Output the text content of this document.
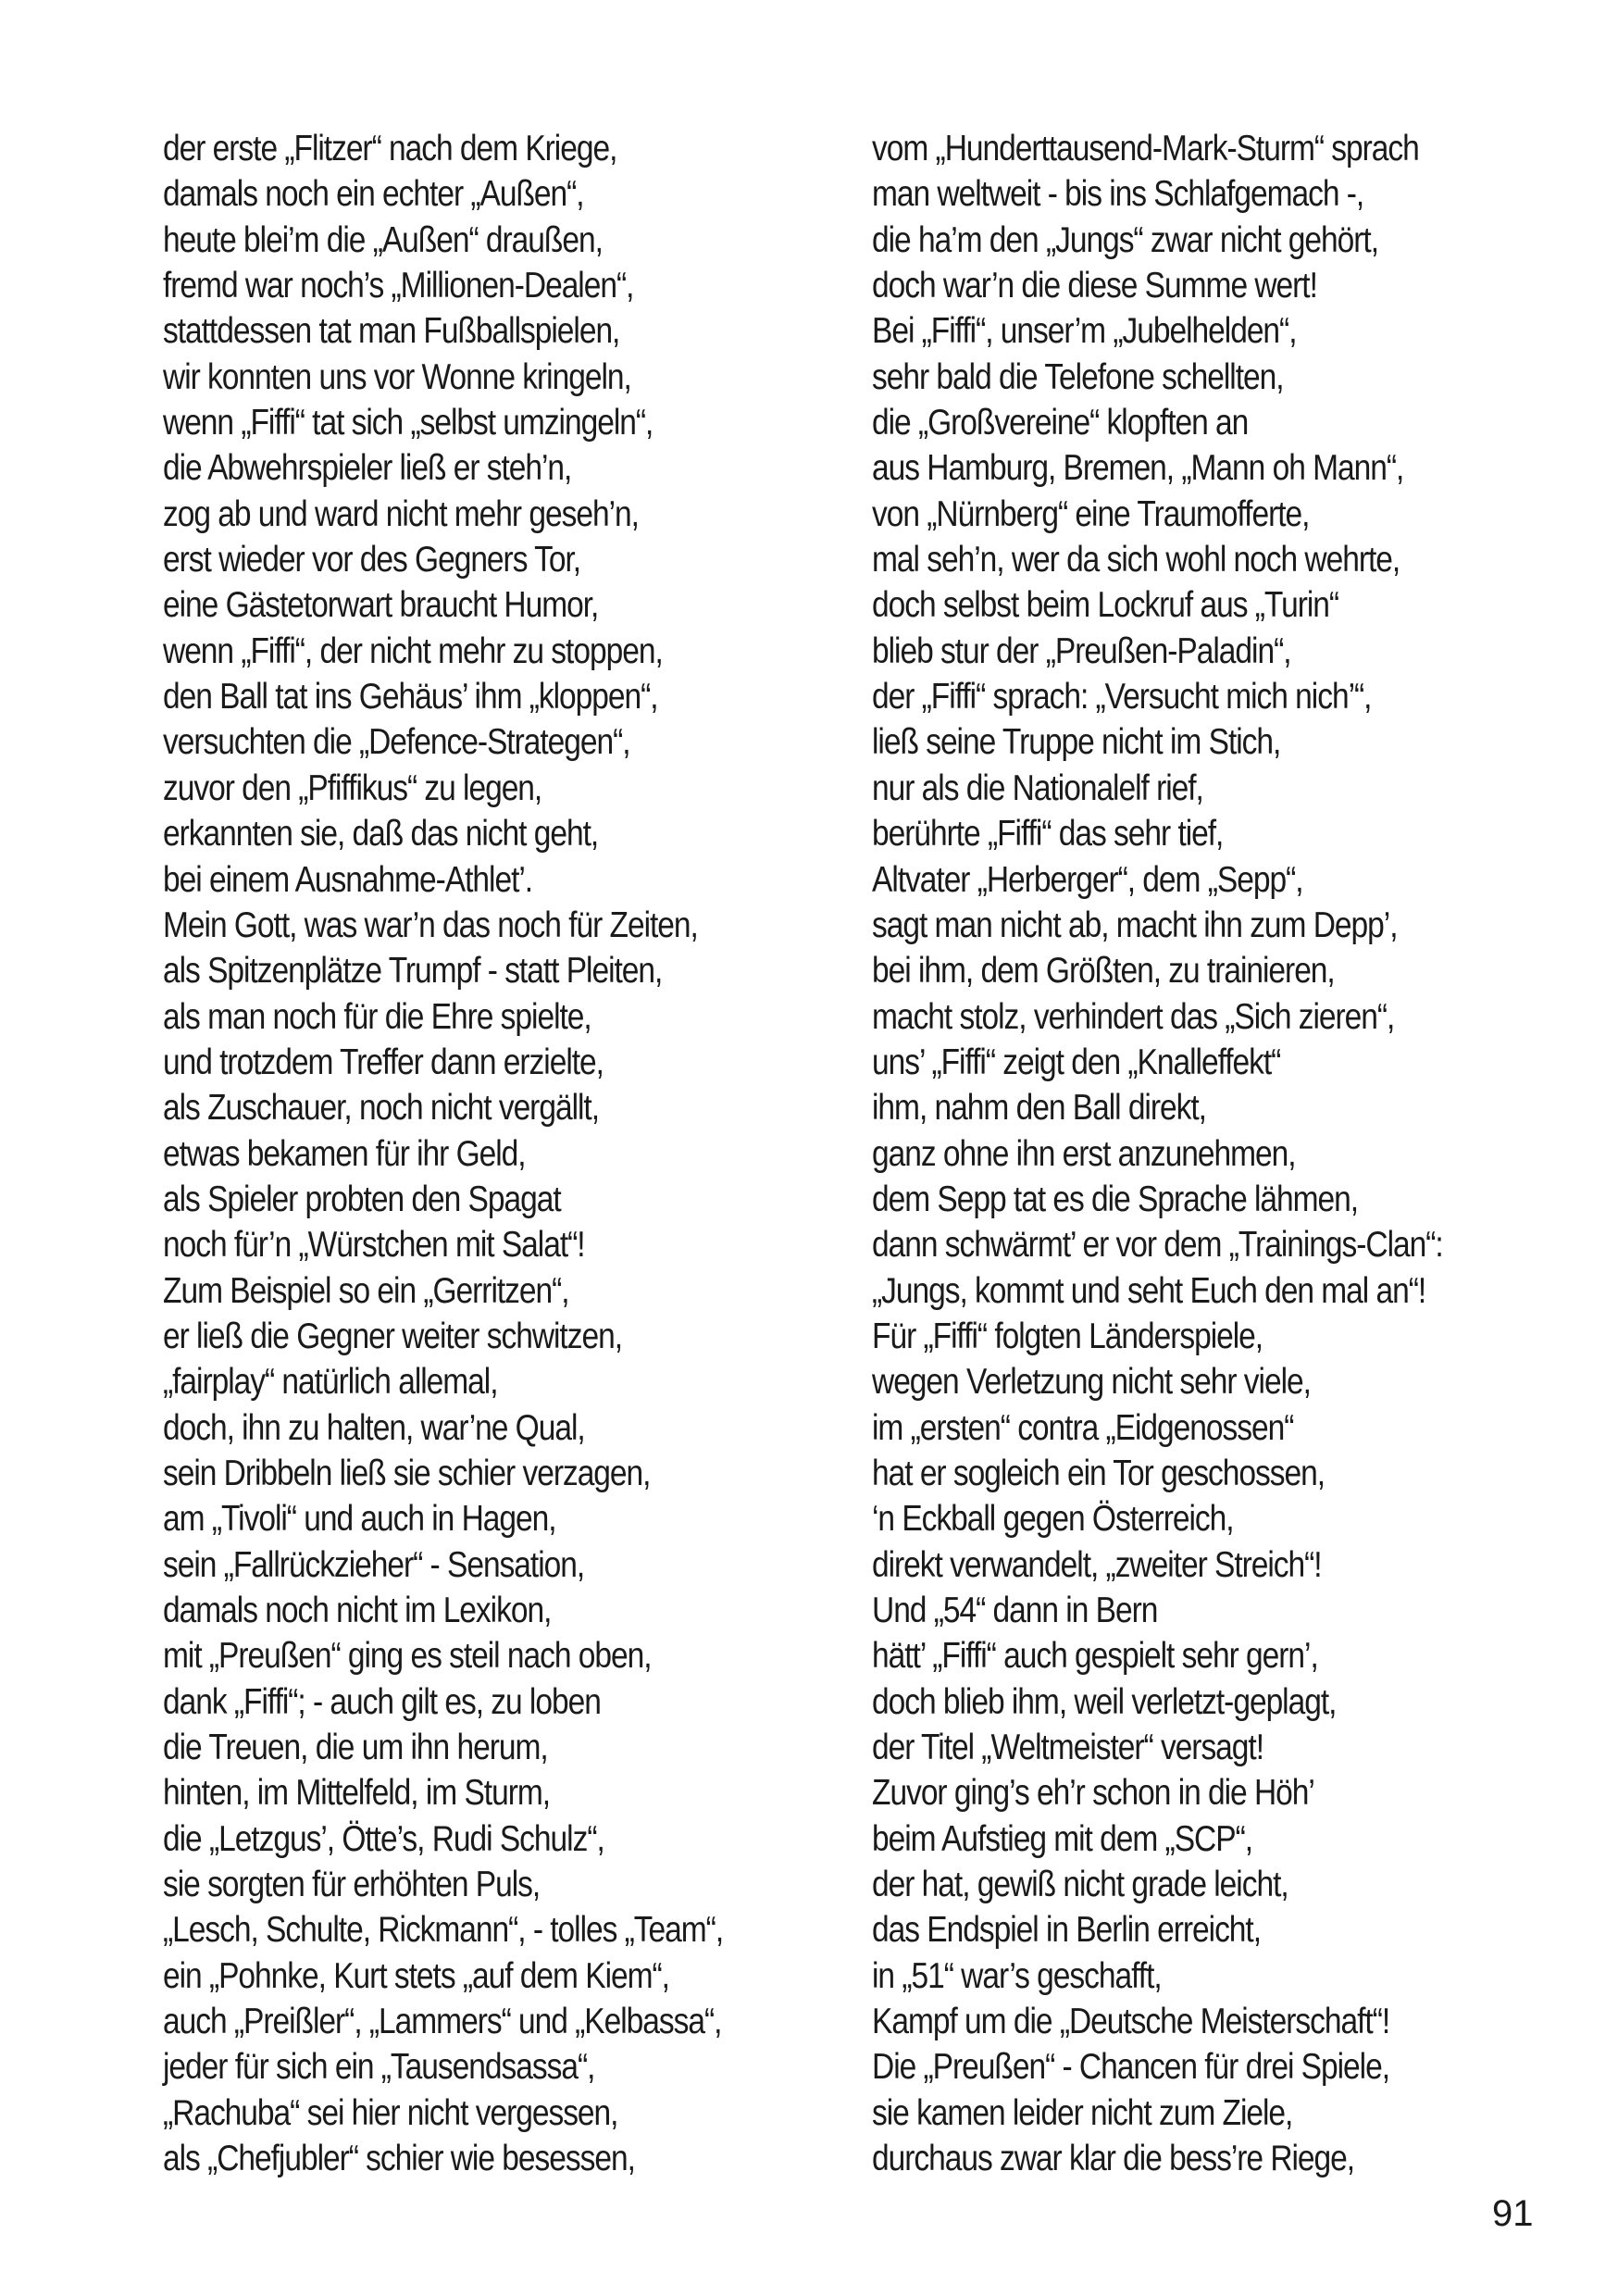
der erste „Flitzer“ nach dem Kriege,
damals noch ein echter „Außen“,
heute blei’m die „Außen“ draußen,
fremd war noch’s „Millionen-Dealen“,
stattdessen tat man Fußballspielen,
wir konnten uns vor Wonne kringeln,
wenn „Fiffi“ tat sich „selbst umzingeln“,
die Abwehrspieler ließ er steh’n,
zog ab und ward nicht mehr geseh’n,
erst wieder vor des Gegners Tor,
eine Gästetorwart braucht Humor,
wenn „Fiffi“, der nicht mehr zu stoppen,
den Ball tat ins Gehäus’ ihm „kloppen“,
versuchten die „Defence-Strategen“,
zuvor den „Pfiffikus“ zu legen,
erkannten sie, daß das nicht geht,
bei einem Ausnahme-Athlet’.
Mein Gott, was war’n das noch für Zeiten,
als Spitzenplätze Trumpf - statt Pleiten,
als man noch für die Ehre spielte,
und trotzdem Treffer dann erzielte,
als Zuschauer, noch nicht vergällt,
etwas bekamen für ihr Geld,
als Spieler probten den Spagat
noch für’n „Würstchen mit Salat“!
Zum Beispiel so ein „Gerritzen“,
er ließ die Gegner weiter schwitzen,
„fairplay“ natürlich allemal,
doch, ihn zu halten, war’ne Qual,
sein Dribbeln ließ sie schier verzagen,
am „Tivoli“ und auch in Hagen,
sein „Fallrückzieher“ - Sensation,
damals noch nicht im Lexikon,
mit „Preußen“ ging es steil nach oben,
dank „Fiffi“; - auch gilt es, zu loben
die Treuen, die um ihn herum,
hinten, im Mittelfeld, im Sturm,
die „Letzgus’, Ötte’s, Rudi Schulz“,
sie sorgten für erhöhten Puls,
„Lesch, Schulte, Rickmann“, - tolles „Team“,
ein „Pohnke, Kurt stets „auf dem Kiem“,
auch „Preißler“, „Lammers“ und „Kelbassa“,
jeder für sich ein „Tausendsassa“,
„Rachuba“ sei hier nicht vergessen,
als „Chefjubler“ schier wie besessen,
vom „Hunderttausend-Mark-Sturm“ sprach
man weltweit - bis ins Schlafgemach -,
die ha’m den „Jungs“ zwar nicht gehört,
doch war’n die diese Summe wert!
Bei „Fiffi“, unser’m „Jubelhelden“,
sehr bald die Telefone schellten,
die „Großvereine“ klopften an
aus Hamburg, Bremen, „Mann oh Mann“,
von „Nürnberg“ eine Traumofferte,
mal seh’n, wer da sich wohl noch wehrte,
doch selbst beim Lockruf aus „Turin“
blieb stur der „Preußen-Paladin“,
der „Fiffi“ sprach: „Versucht mich nich’“,
ließ seine Truppe nicht im Stich,
nur als die Nationalelf rief,
berührte „Fiffi“ das sehr tief,
Altvater „Herberger“, dem „Sepp“,
sagt man nicht ab, macht ihn zum Depp’,
bei ihm, dem Größten, zu trainieren,
macht stolz, verhindert das „Sich zieren“,
uns’ „Fiffi“ zeigt den „Knalleffekt“
ihm, nahm den Ball direkt,
ganz ohne ihn erst anzunehmen,
dem Sepp tat es die Sprache lähmen,
dann schwärmt’ er vor dem „Trainings-Clan“:
„Jungs, kommt und seht Euch den mal an“!
Für „Fiffi“ folgten Länderspiele,
wegen Verletzung nicht sehr viele,
im „ersten“ contra „Eidgenossen“
hat er sogleich ein Tor geschossen,
‘n Eckball gegen Österreich,
direkt verwandelt, „zweiter Streich“!
Und „54“ dann in Bern
hätt’ „Fiffi“ auch gespielt sehr gern’,
doch blieb ihm, weil verletzt-geplagt,
der Titel „Weltmeister“ versagt!
Zuvor ging’s eh’r schon in die Höh’
beim Aufstieg mit dem „SCP“,
der hat, gewiß nicht grade leicht,
das Endspiel in Berlin erreicht,
in „51“ war’s geschafft,
Kampf um die „Deutsche Meisterschaft“!
Die „Preußen“ - Chancen für drei Spiele,
sie kamen leider nicht zum Ziele,
durchaus zwar klar die bess’re Riege,
91
